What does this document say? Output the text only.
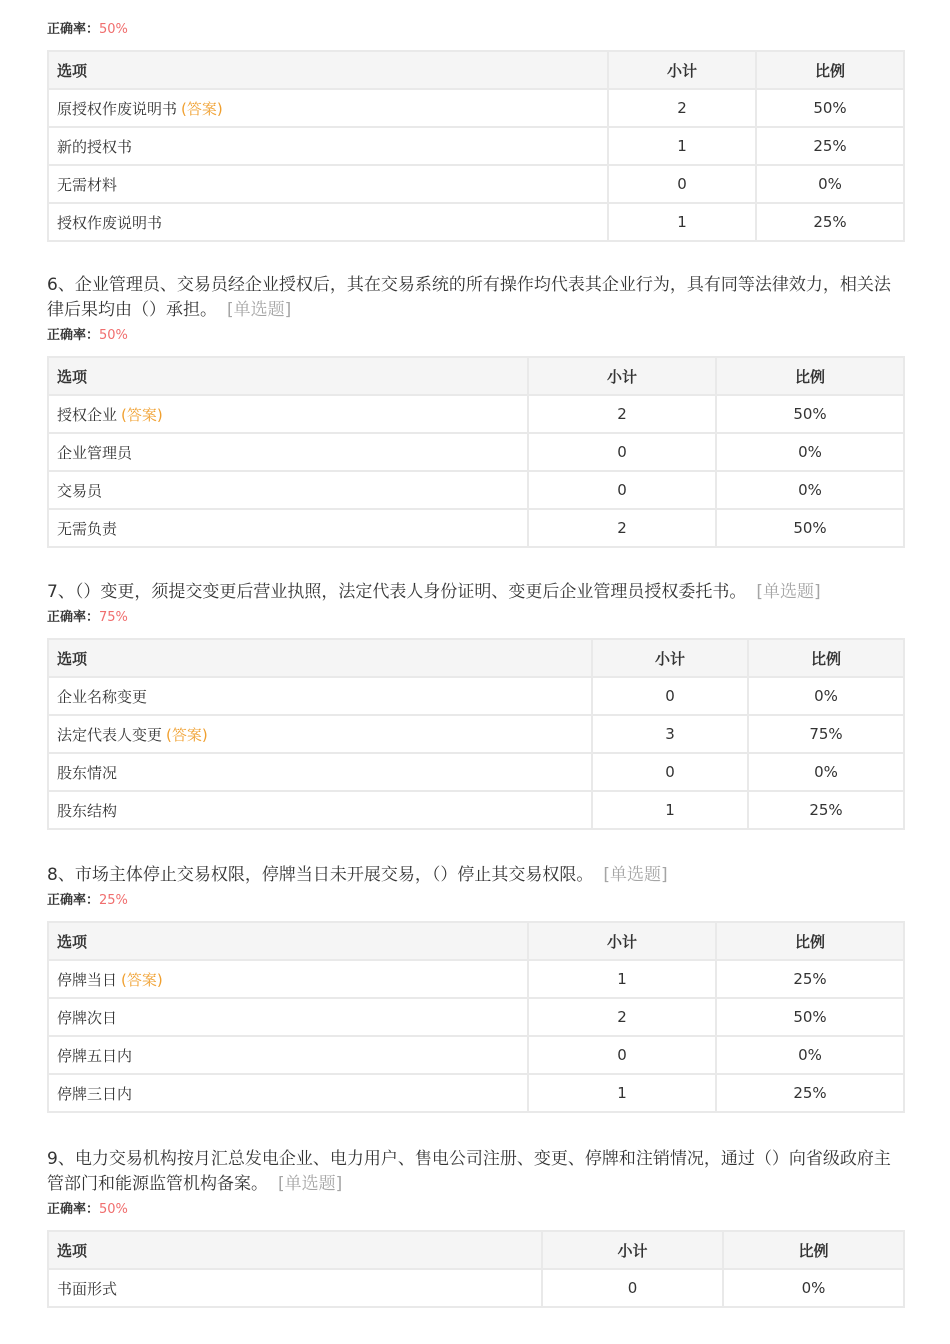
正确率：50%
选项	小计	比例
原授权作废说明书 (答案)	2	50%
新的授权书	1	25%
无需材料	0	0%
授权作废说明书	1	25%

6、企业管理员、交易员经企业授权后，其在交易系统的所有操作均代表其企业行为，具有同等法律效力，相关法律后果均由（）承担。 [单选题]

正确率：50%
选项	小计	比例
授权企业 (答案)	2	50%
企业管理员	0	0%
交易员	0	0%
无需负责	2	50%

7、（）变更，须提交变更后营业执照，法定代表人身份证明、变更后企业管理员授权委托书。 [单选题]

正确率：75%
选项	小计	比例
企业名称变更	0	0%
法定代表人变更 (答案)	3	75%
股东情况	0	0%
股东结构	1	25%

8、市场主体停止交易权限，停牌当日未开展交易，（）停止其交易权限。 [单选题]

正确率：25%
选项	小计	比例
停牌当日 (答案)	1	25%
停牌次日	2	50%
停牌五日内	0	0%
停牌三日内	1	25%

9、电力交易机构按月汇总发电企业、电力用户、售电公司注册、变更、停牌和注销情况，通过（）向省级政府主管部门和能源监管机构备案。 [单选题]

正确率：50%
选项	小计	比例
书面形式	0	0%
